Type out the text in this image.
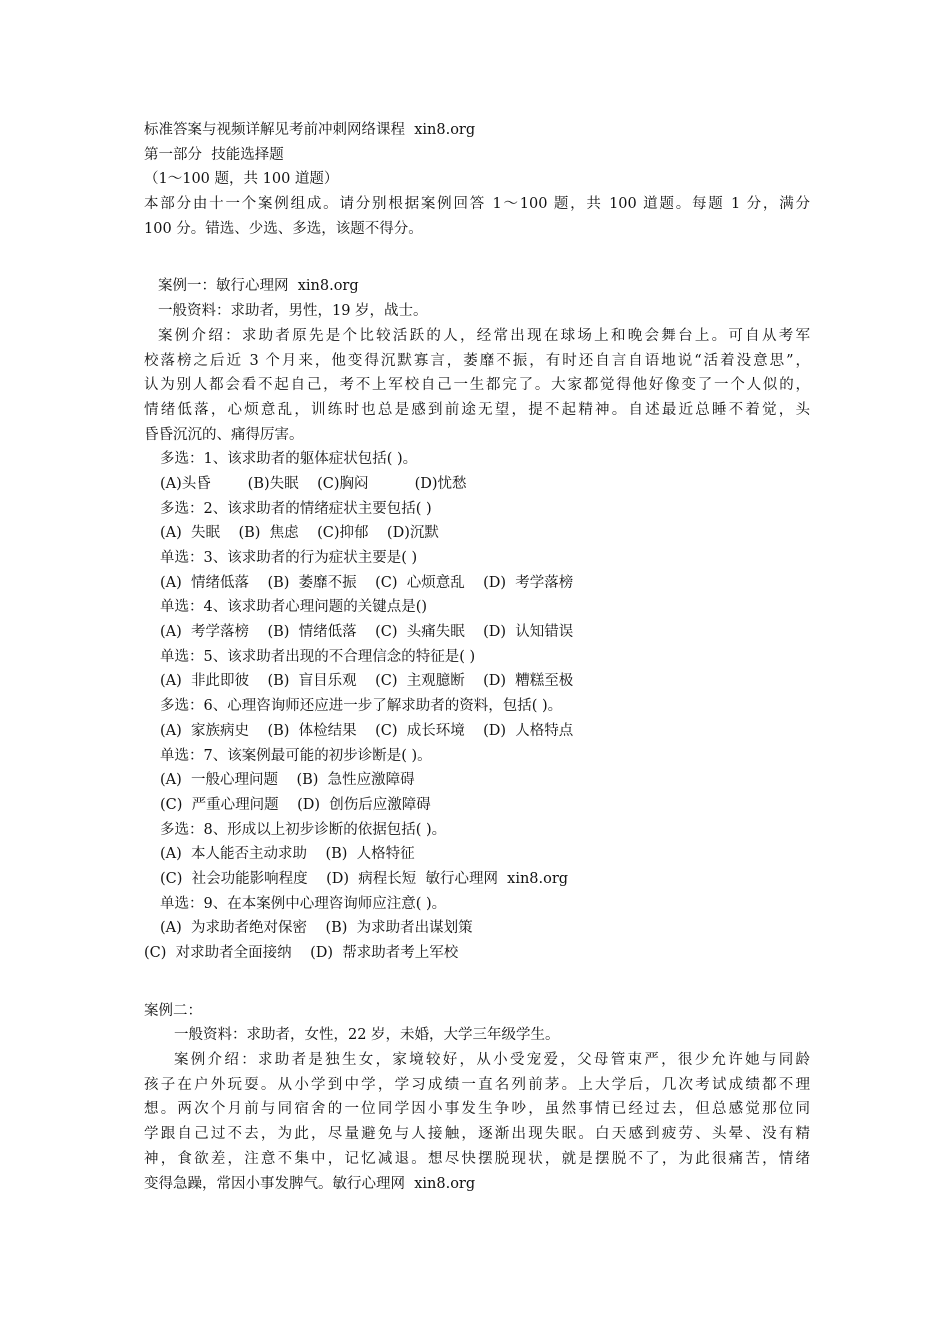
标准答案与视频详解见考前冲刺网络课程  xin8.org

第一部分  技能选择题

（1～100 题，共 100 道题）

本部分由十一个案例组成。请分别根据案例回答 1～100 题，共 100 道题。每题 1 分，满分

100 分。错选、少选、多选，该题不得分。

案例一：敏行心理网  xin8.org

一般资料：求助者，男性，19 岁，战士。

案例介绍：求助者原先是个比较活跃的人，经常出现在球场上和晚会舞台上。可自从考军

校落榜之后近 3 个月来，他变得沉默寡言，萎靡不振，有时还自言自语地说“活着没意思”，

认为别人都会看不起自己，考不上军校自己一生都完了。大家都觉得他好像变了一个人似的，

情绪低落，心烦意乱，训练时也总是感到前途无望，提不起精神。自述最近总睡不着觉，头

昏昏沉沉的、痛得厉害。

多选：1、该求助者的躯体症状包括( )。

(A)头昏        (B)失眠    (C)胸闷          (D)忧愁

多选：2、该求助者的情绪症状主要包括( )

(A)  失眠    (B)  焦虑    (C)抑郁    (D)沉默

单选：3、该求助者的行为症状主要是( )

(A)  情绪低落    (B)  萎靡不振    (C)  心烦意乱    (D)  考学落榜

单选：4、该求助者心理问题的关键点是()

(A)  考学落榜    (B)  情绪低落    (C)  头痛失眠    (D)  认知错误

单选：5、该求助者出现的不合理信念的特征是( )

(A)  非此即彼    (B)  盲目乐观    (C)  主观臆断    (D)  糟糕至极

多选：6、心理咨询师还应进一步了解求助者的资料，包括( )。

(A)  家族病史    (B)  体检结果    (C)  成长环境    (D)  人格特点

单选：7、该案例最可能的初步诊断是( )。

(A)  一般心理问题    (B)  急性应激障碍

(C)  严重心理问题    (D)  创伤后应激障碍

多选：8、形成以上初步诊断的依据包括( )。

(A)  本人能否主动求助    (B)  人格特征

(C)  社会功能影响程度    (D)  病程长短  敏行心理网  xin8.org

单选：9、在本案例中心理咨询师应注意( )。

(A)  为求助者绝对保密    (B)  为求助者出谋划策

(C)  对求助者全面接纳    (D)  帮求助者考上军校

案例二：

一般资料：求助者，女性，22 岁，未婚，大学三年级学生。

案例介绍：求助者是独生女，家境较好，从小受宠爱，父母管束严，很少允许她与同龄

孩子在户外玩耍。从小学到中学，学习成绩一直名列前茅。上大学后，几次考试成绩都不理

想。两次个月前与同宿舍的一位同学因小事发生争吵，虽然事情已经过去，但总感觉那位同

学跟自己过不去，为此，尽量避免与人接触，逐渐出现失眠。白天感到疲劳、头晕、没有精

神，食欲差，注意不集中，记忆减退。想尽快摆脱现状，就是摆脱不了，为此很痛苦，情绪

变得急躁，常因小事发脾气。敏行心理网  xin8.org
